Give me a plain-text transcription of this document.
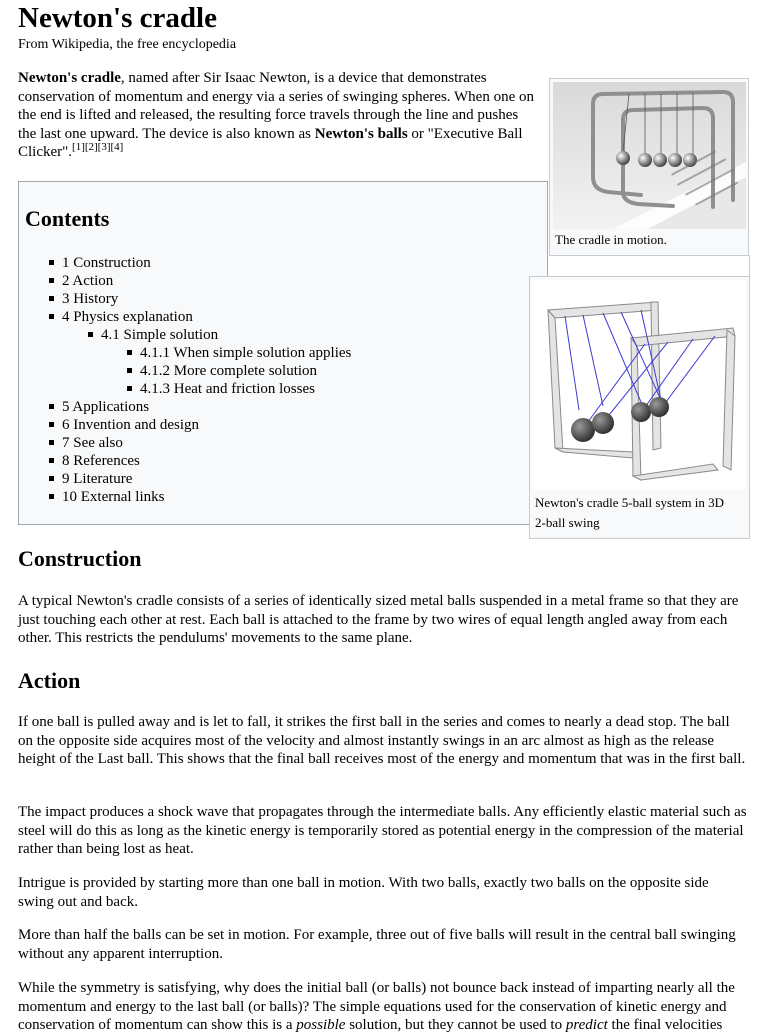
Newton's cradle
From Wikipedia, the free encyclopedia
Newton's cradle, named after Sir Isaac Newton, is a device that demonstrates conservation of momentum and energy via a series of swinging spheres. When one on the end is lifted and released, the resulting force travels through the line and pushes the last one upward. The device is also known as Newton's balls or "Executive Ball Clicker".[1][2][3][4]
The cradle in motion.
Contents
1 Construction
2 Action
3 History
4 Physics explanation
4.1 Simple solution
4.1.1 When simple solution applies
4.1.2 More complete solution
4.1.3 Heat and friction losses
5 Applications
6 Invention and design
7 See also
8 References
9 Literature
10 External links	Newton's cradle 5-ball system in 3D
2-ball swing
Construction

A typical Newton's cradle consists of a series of identically sized metal balls suspended in a metal frame so that they are just touching each other at rest. Each ball is attached to the frame by two wires of equal length angled away from each other. This restricts the pendulums' movements to the same plane.

Action

If one ball is pulled away and is let to fall, it strikes the first ball in the series and comes to nearly a dead stop. The ball on the opposite side acquires most of the velocity and almost instantly swings in an arc almost as high as the release height of the Last ball. This shows that the final ball receives most of the energy and momentum that was in the first ball.

The impact produces a shock wave that propagates through the intermediate balls. Any efficiently elastic material such as steel will do this as long as the kinetic energy is temporarily stored as potential energy in the compression of the material rather than being lost as heat.

Intrigue is provided by starting more than one ball in motion. With two balls, exactly two balls on the opposite side swing out and back.

More than half the balls can be set in motion. For example, three out of five balls will result in the central ball swinging without any apparent interruption.

While the symmetry is satisfying, why does the initial ball (or balls) not bounce back instead of imparting nearly all the momentum and energy to the last ball (or balls)? The simple equations used for the conservation of kinetic energy and conservation of momentum can show this is a possible solution, but they cannot be used to predict the final velocities
